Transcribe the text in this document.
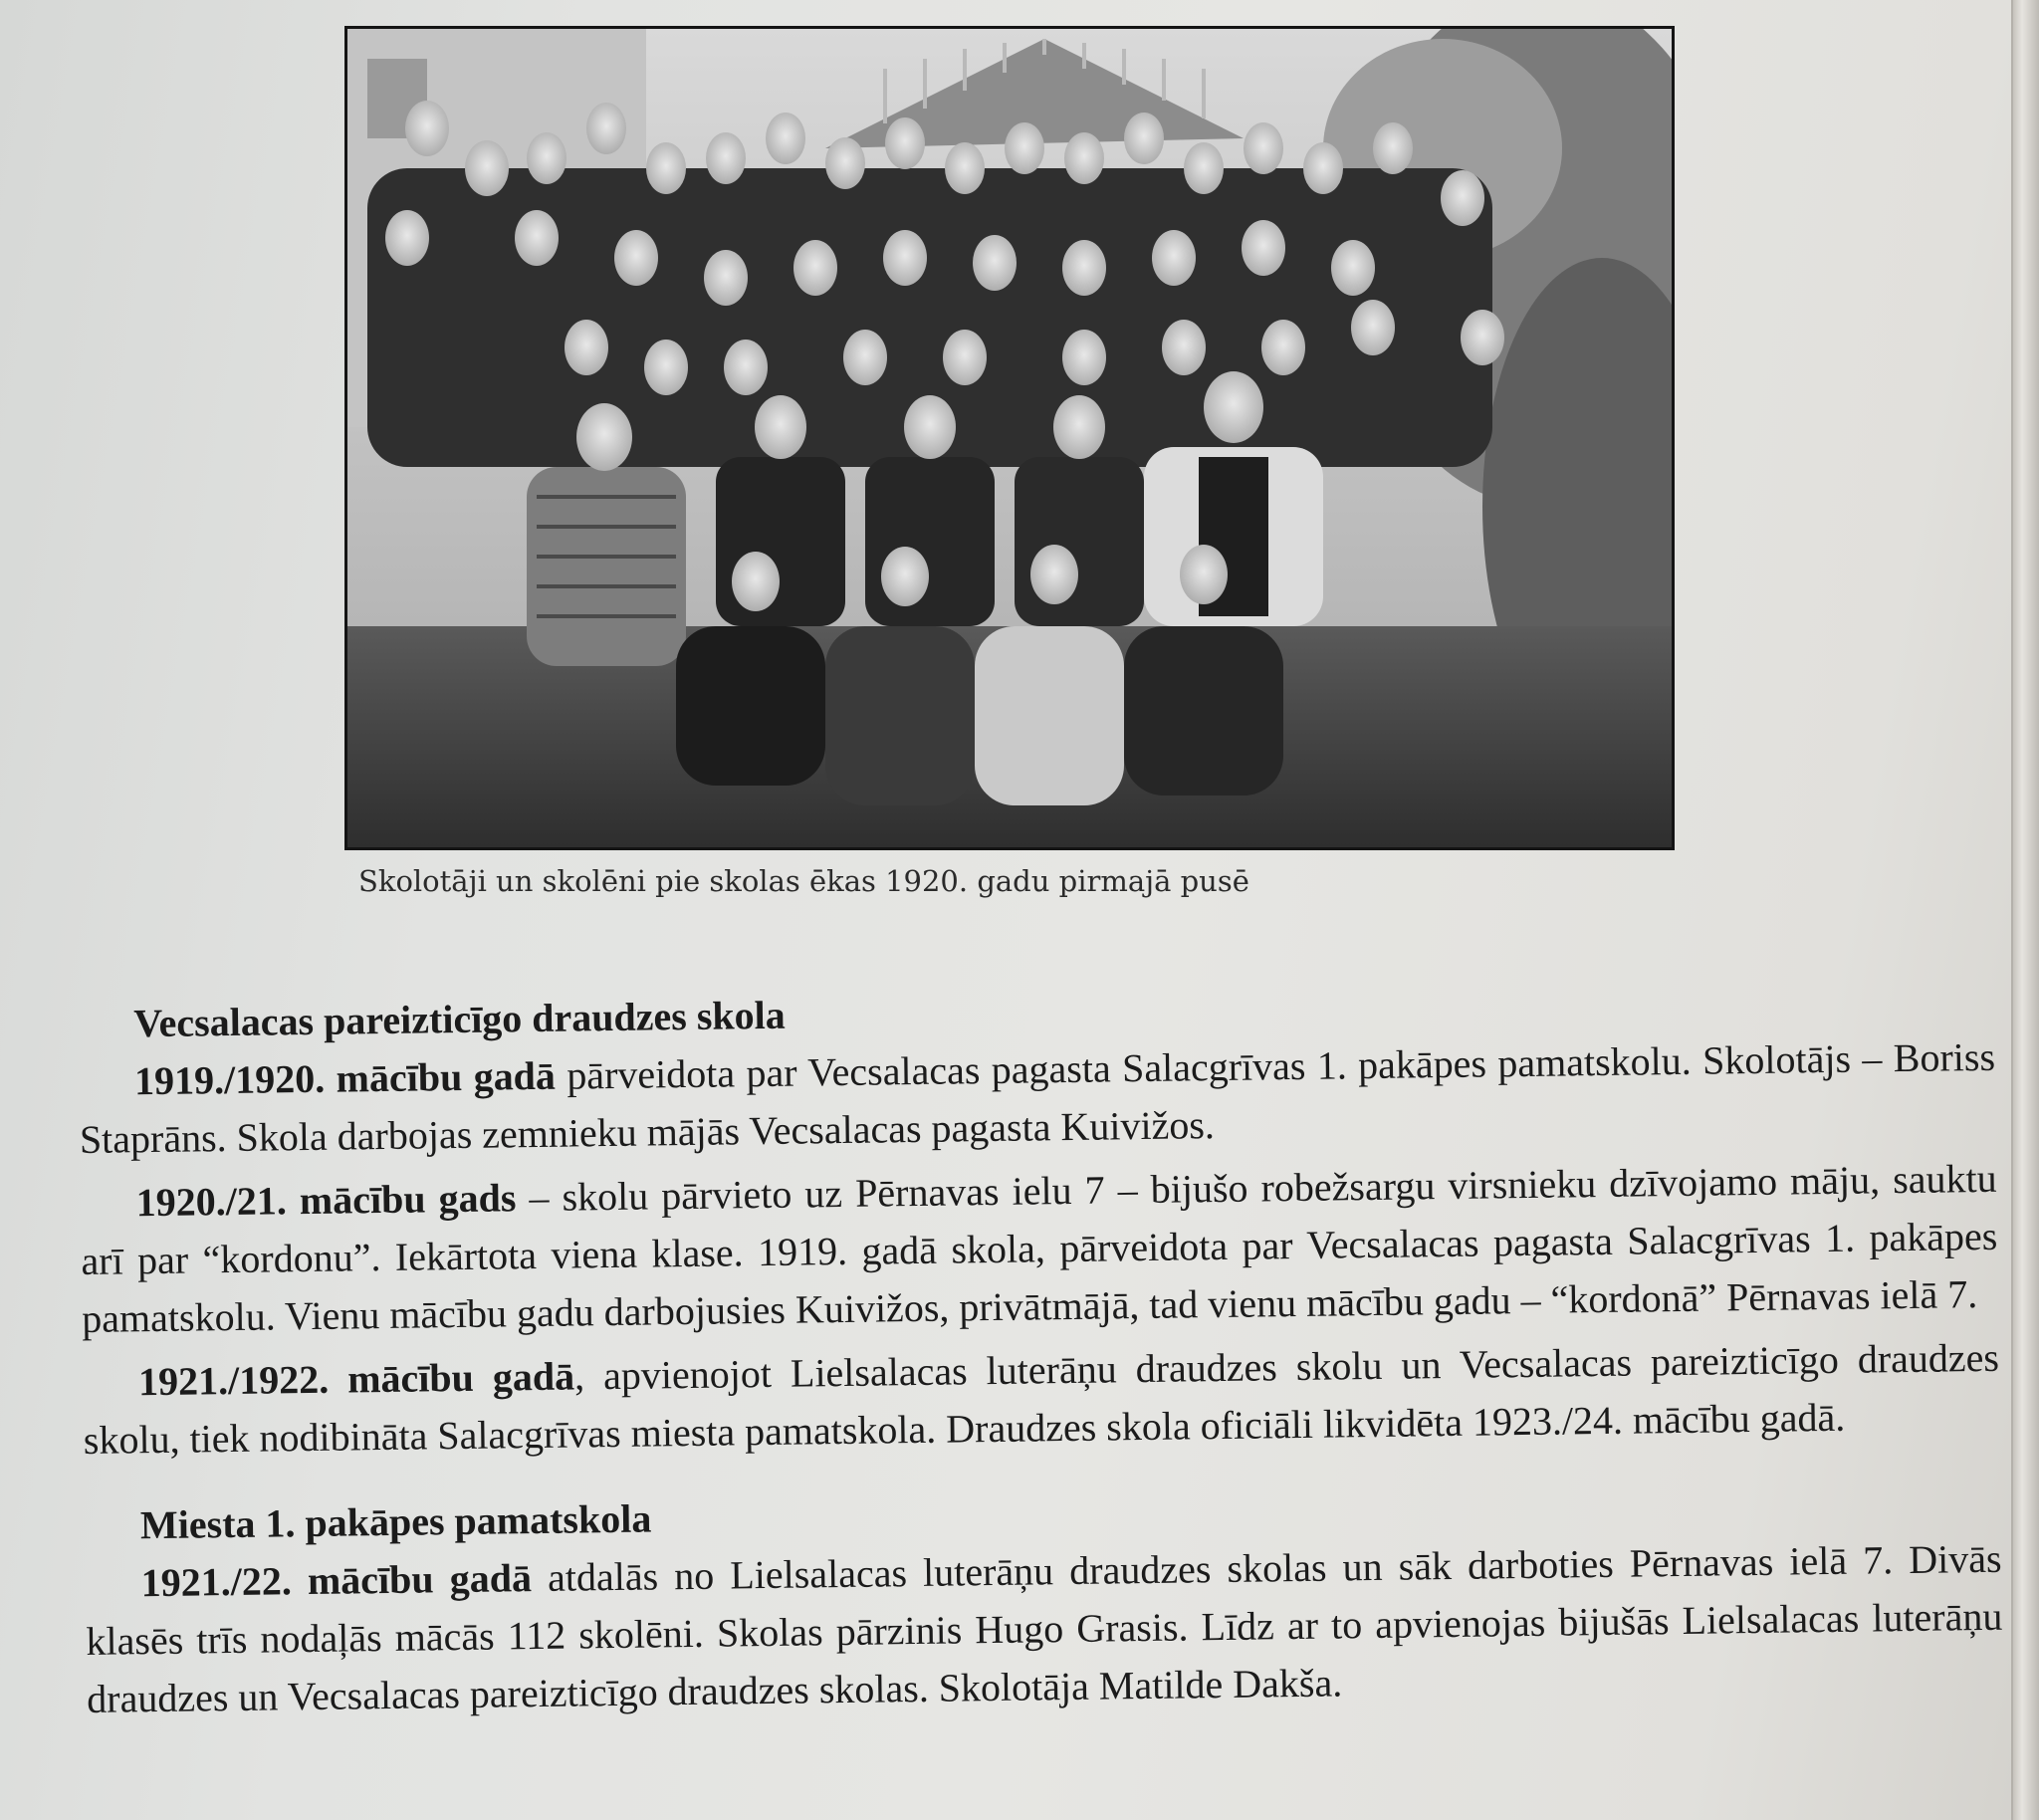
Skolotāji un skolēni pie skolas ēkas 1920. gadu pirmajā pusē
Vecsalacas pareizticīgo draudzes skola

1919./1920. mācību gadā pārveidota par Vecsalacas pagasta Salacgrīvas 1. pakāpes pamatskolu. Skolotājs – Boriss Staprāns. Skola darbojas zemnieku mājās Vecsalacas pagasta Kuivižos.

1920./21. mācību gads – skolu pārvieto uz Pērnavas ielu 7 – bijušo robežsargu virsnieku dzīvojamo māju, sauktu arī par “kordonu”. Iekārtota viena klase. 1919. gadā skola, pārveidota par Vecsalacas pagasta Salacgrīvas 1. pakāpes pamatskolu. Vienu mācību gadu darbojusies Kuivižos, privātmājā, tad vienu mācību gadu – “kordonā” Pērnavas ielā 7.

1921./1922. mācību gadā, apvienojot Lielsalacas luterāņu draudzes skolu un Vecsalacas pareizticīgo draudzes skolu, tiek nodibināta Salacgrīvas miesta pamatskola. Draudzes skola oficiāli likvidēta 1923./24. mācību gadā.

Miesta 1. pakāpes pamatskola

1921./22. mācību gadā atdalās no Lielsalacas luterāņu draudzes skolas un sāk darboties Pērnavas ielā 7. Divās klasēs trīs nodaļās mācās 112 skolēni. Skolas pārzinis Hugo Grasis. Līdz ar to apvienojas bijušās Lielsalacas luterāņu draudzes un Vecsalacas pareizticīgo draudzes skolas. Skolotāja Matilde Dakša.
